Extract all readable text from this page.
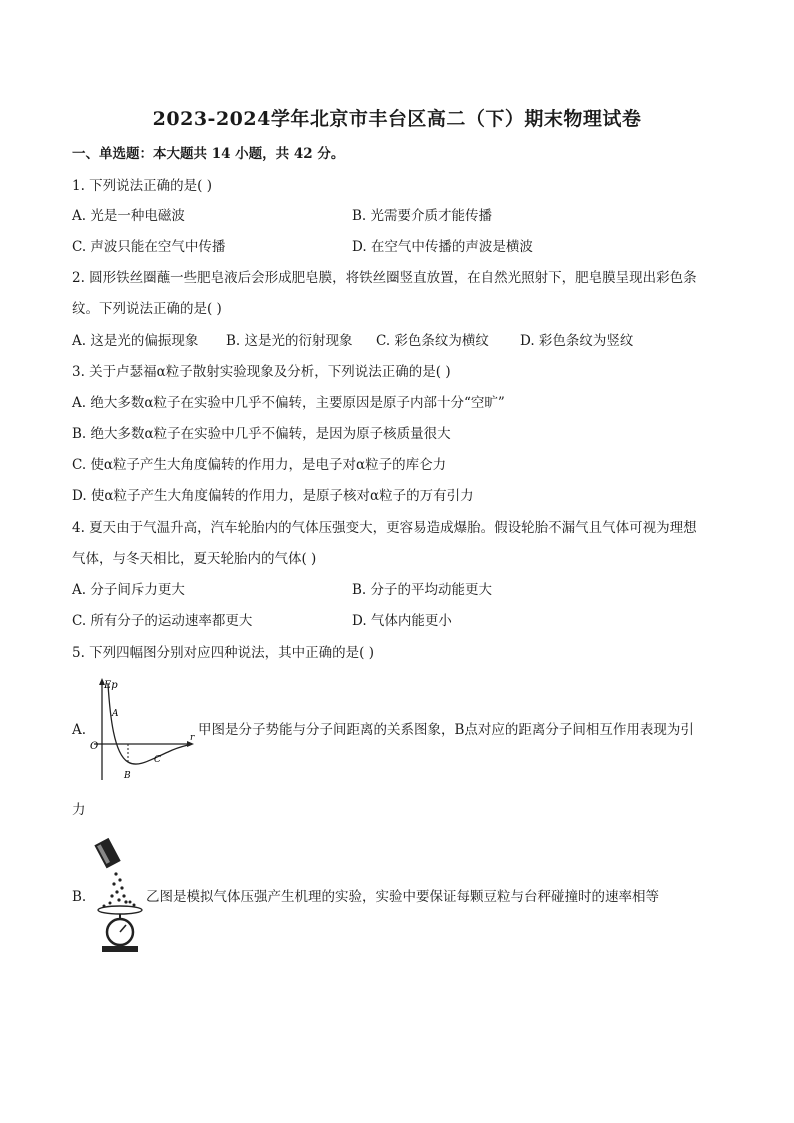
2023-2024学年北京市丰台区高二（下）期末物理试卷
一、单选题：本大题共 14 小题，共 42 分。
1. 下列说法正确的是( )
A. 光是一种电磁波	B. 光需要介质才能传播
C. 声波只能在空气中传播	D. 在空气中传播的声波是横波
2. 圆形铁丝圈蘸一些肥皂液后会形成肥皂膜，将铁丝圈竖直放置，在自然光照射下，肥皂膜呈现出彩色条
纹。下列说法正确的是( )
A. 这是光的偏振现象 B. 这是光的衍射现象 C. 彩色条纹为横纹 D. 彩色条纹为竖纹
3. 关于卢瑟福α粒子散射实验现象及分析，下列说法正确的是( )
A. 绝大多数α粒子在实验中几乎不偏转，主要原因是原子内部十分“空旷”
B. 绝大多数α粒子在实验中几乎不偏转，是因为原子核质量很大
C. 使α粒子产生大角度偏转的作用力，是电子对α粒子的库仑力
D. 使α粒子产生大角度偏转的作用力，是原子核对α粒子的万有引力
4. 夏天由于气温升高，汽车轮胎内的气体压强变大，更容易造成爆胎。假设轮胎不漏气且气体可视为理想
气体，与冬天相比，夏天轮胎内的气体( )
A. 分子间斥力更大	B. 分子的平均动能更大
C. 所有分子的运动速率都更大	D. 气体内能更小
5. 下列四幅图分别对应四种说法，其中正确的是( )
A.
Ep
O
r
A
B
C
甲图是分子势能与分子间距离的关系图象，B点对应的距离分子间相互作用表现为引
力
B.	乙图是模拟气体压强产生机理的实验，实验中要保证每颗豆粒与台秤碰撞时的速率相等
